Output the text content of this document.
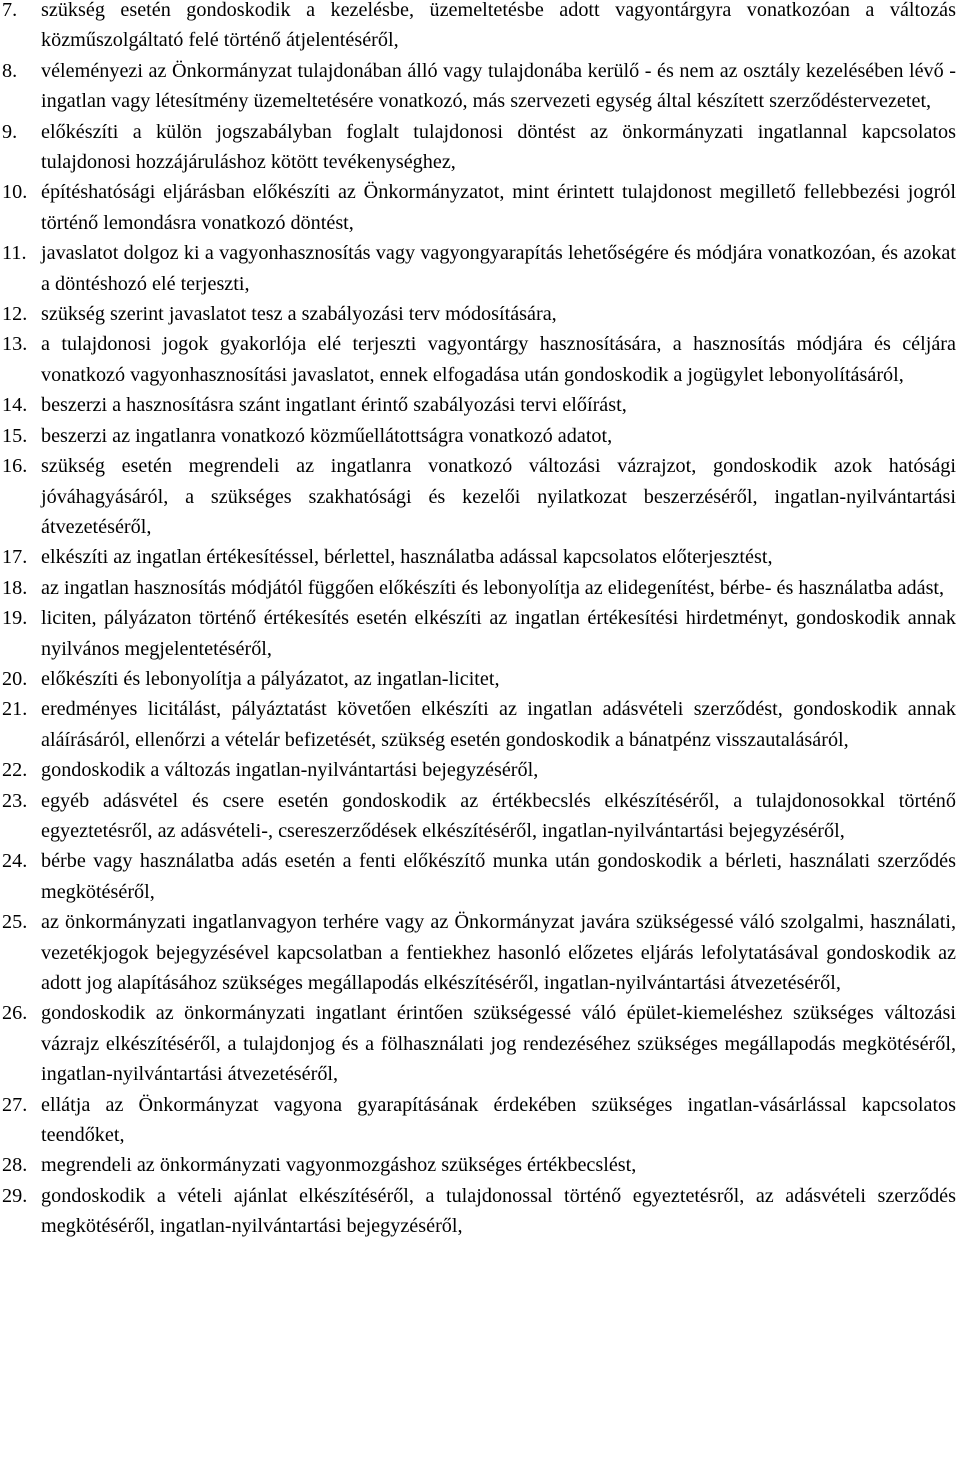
7. szükség esetén gondoskodik a kezelésbe, üzemeltetésbe adott vagyontárgyra vonatkozóan a változás közműszolgáltató felé történő átjelentéséről,
8. véleményezi az Önkormányzat tulajdonában álló vagy tulajdonába kerülő - és nem az osztály kezelésében lévő - ingatlan vagy létesítmény üzemeltetésére vonatkozó, más szervezeti egység által készített szerződéstervezetet,
9. előkészíti a külön jogszabályban foglalt tulajdonosi döntést az önkormányzati ingatlannal kapcsolatos tulajdonosi hozzájáruláshoz kötött tevékenységhez,
10. építéshatósági eljárásban előkészíti az Önkormányzatot, mint érintett tulajdonost megillető fellebbezési jogról történő lemondásra vonatkozó döntést,
11. javaslatot dolgoz ki a vagyonhasznosítás vagy vagyongyarapítás lehetőségére és módjára vonatkozóan, és azokat a döntéshozó elé terjeszti,
12. szükség szerint javaslatot tesz a szabályozási terv módosítására,
13. a tulajdonosi jogok gyakorlója elé terjeszti vagyontárgy hasznosítására, a hasznosítás módjára és céljára vonatkozó vagyonhasznosítási javaslatot, ennek elfogadása után gondoskodik a jogügylet lebonyolításáról,
14. beszerzi a hasznosításra szánt ingatlant érintő szabályozási tervi előírást,
15. beszerzi az ingatlanra vonatkozó közműellátottságra vonatkozó adatot,
16. szükség esetén megrendeli az ingatlanra vonatkozó változási vázrajzot, gondoskodik azok hatósági jóváhagyásáról, a szükséges szakhatósági és kezelői nyilatkozat beszerzéséről, ingatlan-nyilvántartási átvezetéséről,
17. elkészíti az ingatlan értékesítéssel, bérlettel, használatba adással kapcsolatos előterjesztést,
18. az ingatlan hasznosítás módjától függően előkészíti és lebonyolítja az elidegenítést, bérbe- és használatba adást,
19. liciten, pályázaton történő értékesítés esetén elkészíti az ingatlan értékesítési hirdetményt, gondoskodik annak nyilvános megjelentetéséről,
20. előkészíti és lebonyolítja a pályázatot, az ingatlan-licitet,
21. eredményes licitálást, pályáztatást követően elkészíti az ingatlan adásvételi szerződést, gondoskodik annak aláírásáról, ellenőrzi a vételár befizetését, szükség esetén gondoskodik a bánatpénz visszautalásáról,
22. gondoskodik a változás ingatlan-nyilvántartási bejegyzéséről,
23. egyéb adásvétel és csere esetén gondoskodik az értékbecslés elkészítéséről, a tulajdonosokkal történő egyeztetésről, az adásvételi-, csereszerződések elkészítéséről, ingatlan-nyilvántartási bejegyzéséről,
24. bérbe vagy használatba adás esetén a fenti előkészítő munka után gondoskodik a bérleti, használati szerződés megkötéséről,
25. az önkormányzati ingatlanvagyon terhére vagy az Önkormányzat javára szükségessé váló szolgalmi, használati, vezetékjogok bejegyzésével kapcsolatban a fentiekhez hasonló előzetes eljárás lefolytatásával gondoskodik az adott jog alapításához szükséges megállapodás elkészítéséről, ingatlan-nyilvántartási átvezetéséről,
26. gondoskodik az önkormányzati ingatlant érintően szükségessé váló épület-kiemeléshez szükséges változási vázrajz elkészítéséről, a tulajdonjog és a fölhasználati jog rendezéséhez szükséges megállapodás megkötéséről, ingatlan-nyilvántartási átvezetéséről,
27. ellátja az Önkormányzat vagyona gyarapításának érdekében szükséges ingatlan-vásárlással kapcsolatos teendőket,
28. megrendeli az önkormányzati vagyonmozgáshoz szükséges értékbecslést,
29. gondoskodik a vételi ajánlat elkészítéséről, a tulajdonossal történő egyeztetésről, az adásvételi szerződés megkötéséről, ingatlan-nyilvántartási bejegyzéséről,
